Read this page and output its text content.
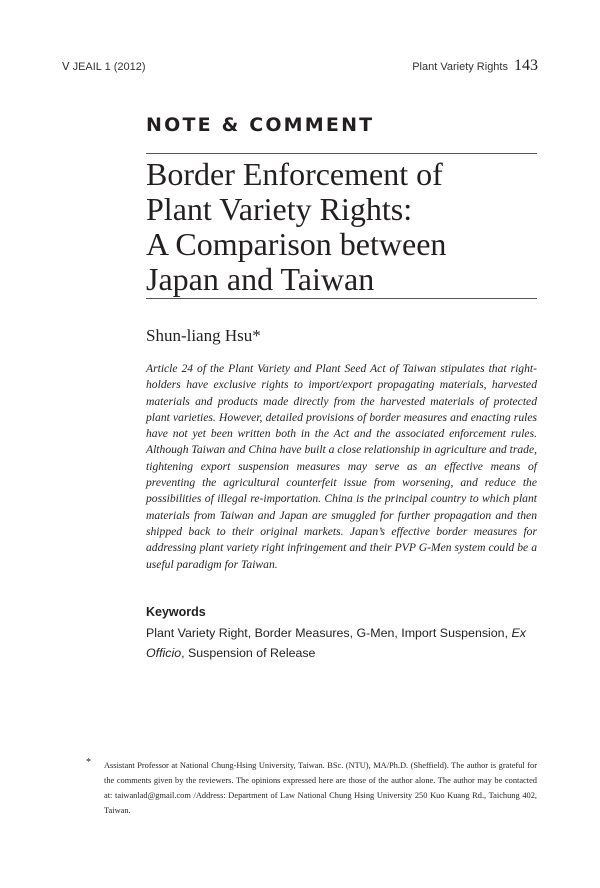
Ⅴ JEAIL 1 (2012)	Plant Variety Rights 143
NOTE & COMMENT
Border Enforcement of
Plant Variety Rights:
A Comparison between
Japan and Taiwan
Shun-liang Hsu*

Article 24 of the Plant Variety and Plant Seed Act of Taiwan stipulates that right-holders have exclusive rights to import/export propagating materials, harvested materials and products made directly from the harvested materials of protected plant varieties. However, detailed provisions of border measures and enacting rules have not yet been written both in the Act and the associated enforcement rules. Although Taiwan and China have built a close relationship in agriculture and trade, tightening export suspension measures may serve as an effective means of preventing the agricultural counterfeit issue from worsening, and reduce the possibilities of illegal re-importation. China is the principal country to which plant materials from Taiwan and Japan are smuggled for further propagation and then shipped back to their original markets. Japan’s effective border measures for addressing plant variety right infringement and their PVP G-Men system could be a useful paradigm for Taiwan.

Keywords

Plant Variety Right, Border Measures, G-Men, Import Suspension, Ex Officio, Suspension of Release

* Assistant Professor at National Chung-Hsing University, Taiwan. BSc. (NTU), MA/Ph.D. (Sheffield). The author is grateful for the comments given by the reviewers. The opinions expressed here are those of the author alone. The author may be contacted at: taiwanlad@gmail.com /Address: Department of Law National Chung Hsing University 250 Kuo Kuang Rd., Taichung 402, Taiwan.
